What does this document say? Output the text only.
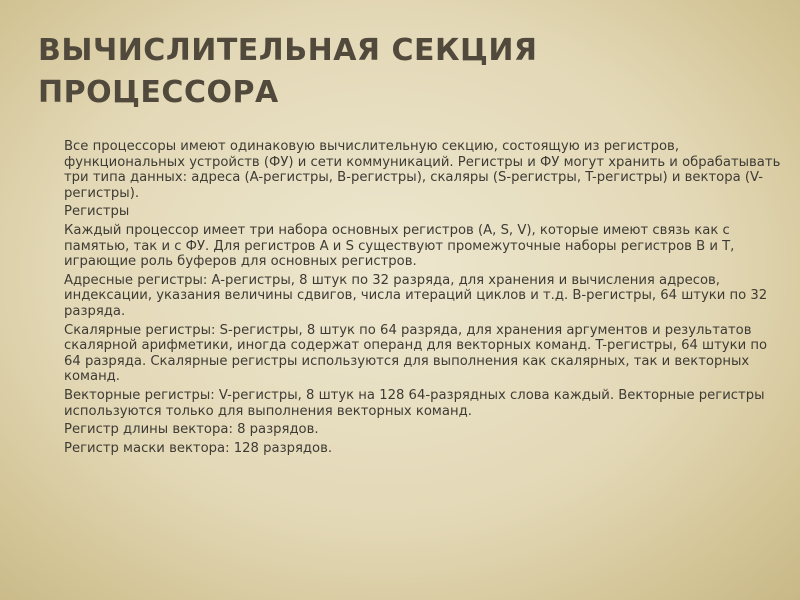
ВЫЧИСЛИТЕЛЬНАЯ СЕКЦИЯ
ПРОЦЕССОРА
Все процессоры имеют одинаковую вычислительную секцию, состоящую из регистров, функциональных устройств (ФУ) и сети коммуникаций. Регистры и ФУ могут хранить и обрабатывать три типа данных: адреса (A-регистры, B-регистры), скаляры (S-регистры, T-регистры) и вектора (V-регистры).
Регистры
Каждый процессор имеет три набора основных регистров (A, S, V), которые имеют связь как с памятью, так и с ФУ. Для регистров A и S существуют промежуточные наборы регистров B и T, играющие роль буферов для основных регистров.
Адресные регистры: A-регистры, 8 штук по 32 разряда, для хранения и вычисления адресов, индексации, указания величины сдвигов, числа итераций циклов и т.д. B-регистры, 64 штуки по 32 разряда.
Скалярные регистры: S-регистры, 8 штук по 64 разряда, для хранения аргументов и результатов скалярной арифметики, иногда содержат операнд для векторных команд. T-регистры, 64 штуки по 64 разряда. Скалярные регистры используются для выполнения как скалярных, так и векторных команд.
Векторные регистры: V-регистры, 8 штук на 128 64-разрядных слова каждый. Векторные регистры используются только для выполнения векторных команд.
Регистр длины вектора: 8 разрядов.
Регистр маски вектора: 128 разрядов.
